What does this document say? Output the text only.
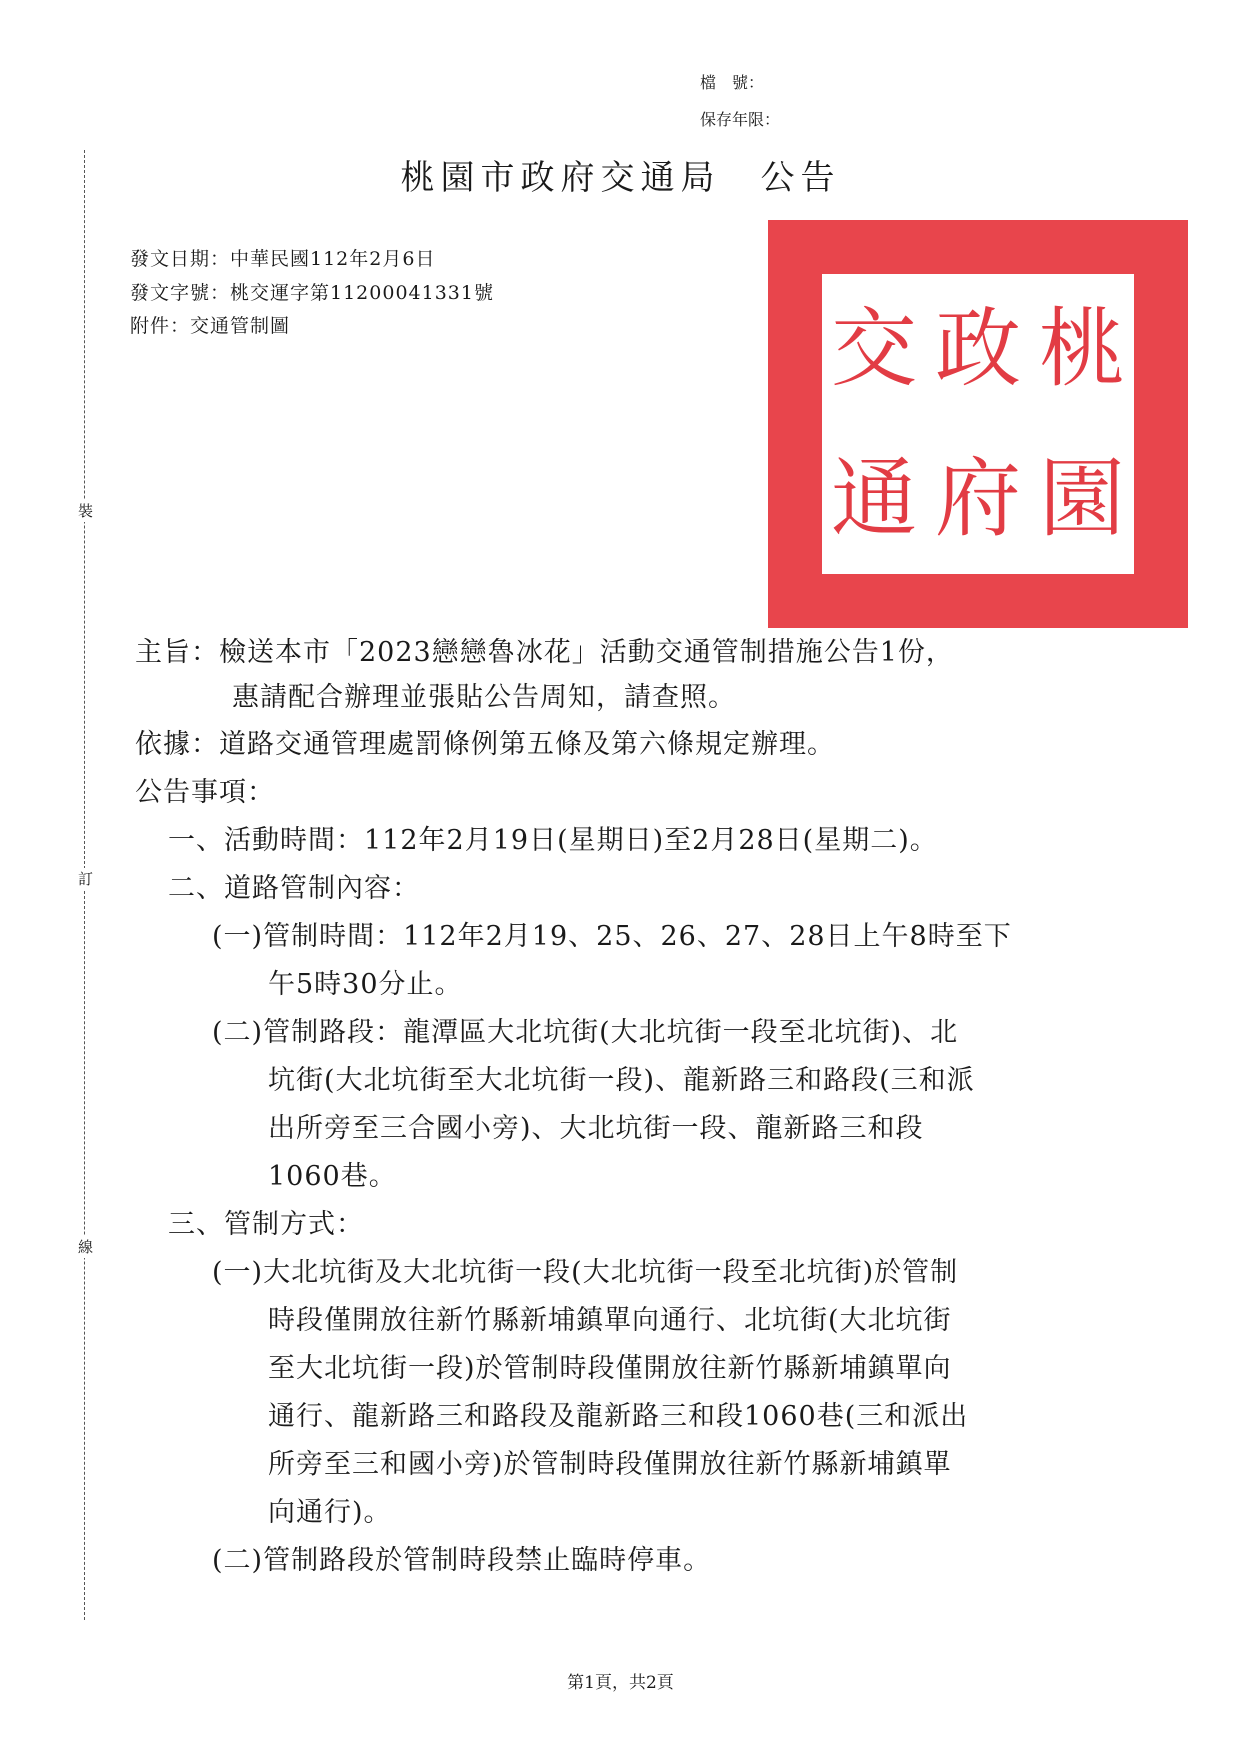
裝
訂
線
檔　號：
保存年限：
桃園市政府交通局　公告
發文日期：中華民國112年2月6日
發文字號：桃交運字第11200041331號
附件：交通管制圖	交 政 桃
通 府 園
主旨：檢送本市「2023戀戀魯冰花」活動交通管制措施公告1份，
惠請配合辦理並張貼公告周知，請查照。
依據：道路交通管理處罰條例第五條及第六條規定辦理。
公告事項：
一、活動時間：112年2月19日(星期日)至2月28日(星期二)。
二、道路管制內容：
(一)管制時間：112年2月19、25、26、27、28日上午8時至下
午5時30分止。
(二)管制路段：龍潭區大北坑街(大北坑街一段至北坑街)、北
坑街(大北坑街至大北坑街一段)、龍新路三和路段(三和派
出所旁至三合國小旁)、大北坑街一段、龍新路三和段
1060巷。
三、管制方式：
(一)大北坑街及大北坑街一段(大北坑街一段至北坑街)於管制
時段僅開放往新竹縣新埔鎮單向通行、北坑街(大北坑街
至大北坑街一段)於管制時段僅開放往新竹縣新埔鎮單向
通行、龍新路三和路段及龍新路三和段1060巷(三和派出
所旁至三和國小旁)於管制時段僅開放往新竹縣新埔鎮單
向通行)。
(二)管制路段於管制時段禁止臨時停車。
第1頁，共2頁
